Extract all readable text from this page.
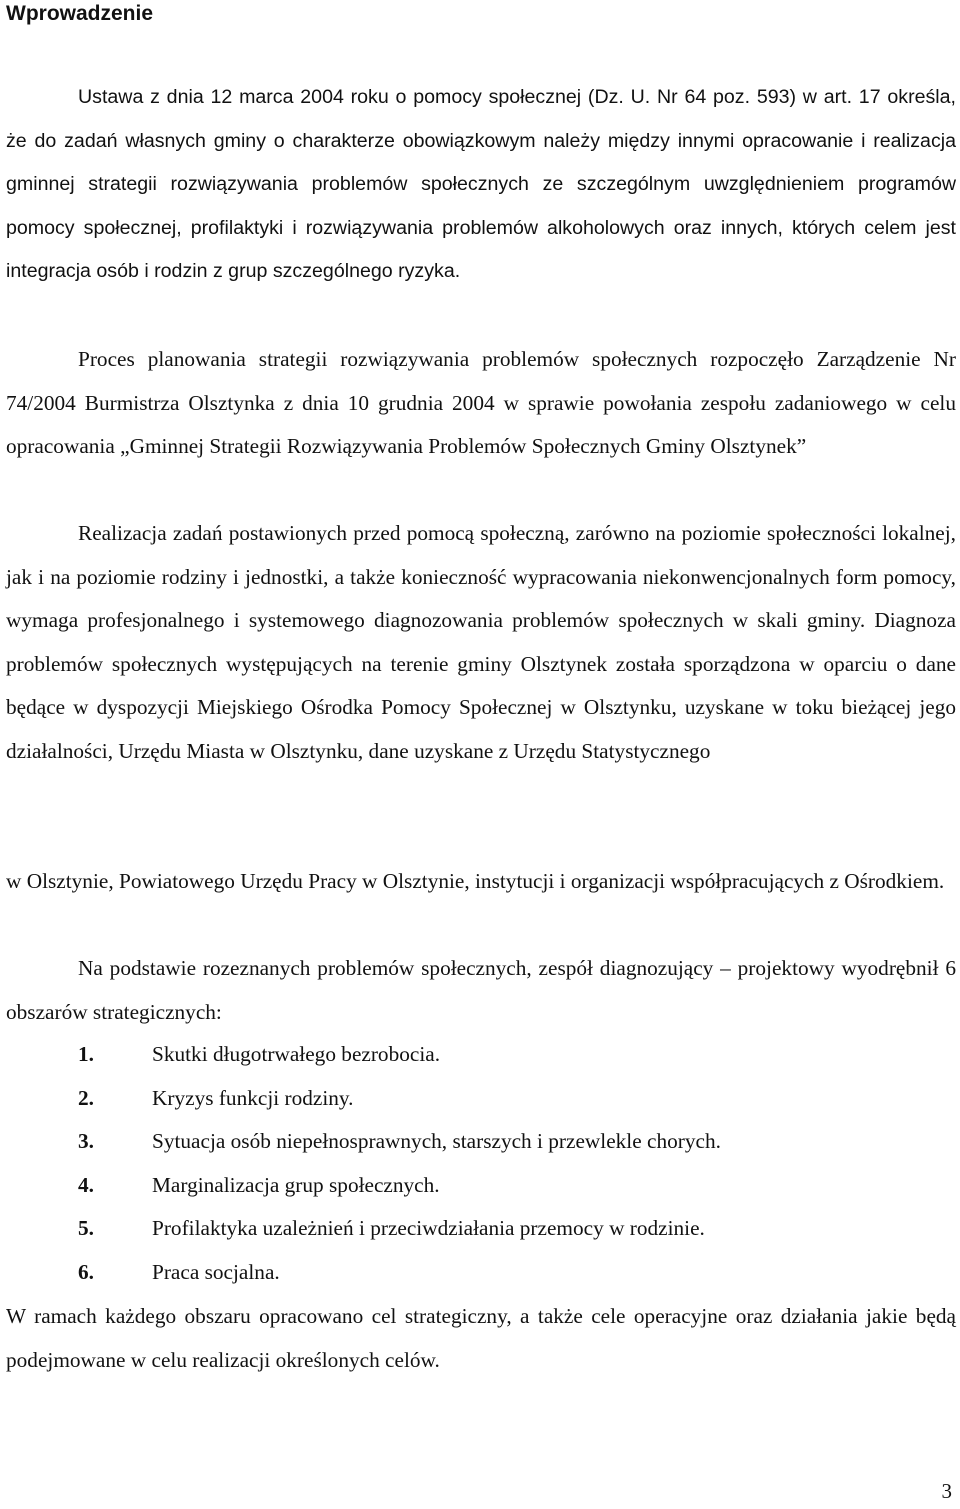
Wprowadzenie

Ustawa z dnia 12 marca 2004 roku o pomocy społecznej (Dz. U. Nr 64 poz. 593) w art. 17 określa, że do zadań własnych gminy o charakterze obowiązkowym należy między innymi opracowanie i realizacja gminnej strategii rozwiązywania problemów społecznych ze szczególnym uwzględnieniem programów pomocy społecznej, profilaktyki i rozwiązywania problemów alkoholowych oraz innych, których celem jest integracja osób i rodzin z grup szczególnego ryzyka.

Proces planowania strategii rozwiązywania problemów społecznych rozpoczęło Zarządzenie Nr 74/2004 Burmistrza Olsztynka z dnia 10 grudnia 2004 w sprawie powołania zespołu zadaniowego w celu opracowania „Gminnej Strategii Rozwiązywania Problemów Społecznych Gminy Olsztynek”

Realizacja zadań postawionych przed pomocą społeczną, zarówno na poziomie społeczności lokalnej, jak i na poziomie rodziny i jednostki, a także konieczność wypracowania niekonwencjonalnych form pomocy, wymaga profesjonalnego i systemowego diagnozowania problemów społecznych w skali gminy. Diagnoza problemów społecznych występujących na terenie gminy Olsztynek została sporządzona w oparciu o dane będące w dyspozycji Miejskiego Ośrodka Pomocy Społecznej w Olsztynku, uzyskane w toku bieżącej jego działalności, Urzędu Miasta w Olsztynku, dane uzyskane z Urzędu Statystycznego

w Olsztynie, Powiatowego Urzędu Pracy w Olsztynie, instytucji i organizacji współpracujących z Ośrodkiem.

Na podstawie rozeznanych problemów społecznych, zespół diagnozujący – projektowy wyodrębnił 6 obszarów strategicznych:

1.	Skutki długotrwałego bezrobocia.
2.	Kryzys funkcji rodziny.
3.	Sytuacja osób niepełnosprawnych, starszych i przewlekle chorych.
4.	Marginalizacja grup społecznych.
5.	Profilaktyka uzależnień i przeciwdziałania przemocy w rodzinie.
6.	Praca socjalna.

W ramach każdego obszaru opracowano cel strategiczny, a także cele operacyjne oraz działania jakie będą podejmowane w celu realizacji określonych celów.

3
